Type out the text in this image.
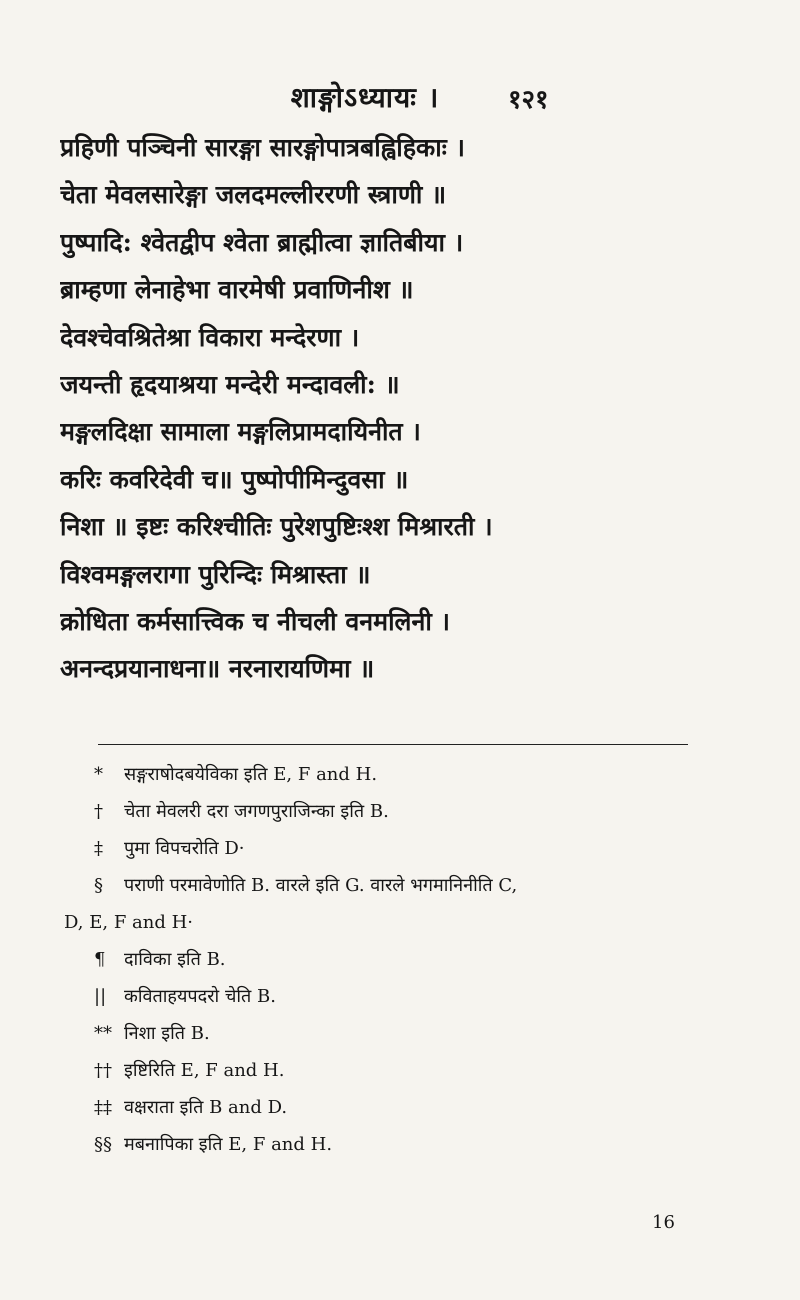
शाङ्गोऽध्यायः ।	१२१
प्रहिणी पञ्चिनी सारङ्गा सारङ्गोपात्रबह्विहिकाः ।
चेता मेवलसारेङ्गा जलदमल्लीररणी स्त्राणी ॥
पुष्पादि: श्वेतद्वीप श्वेता ब्राह्मीत्वा ज्ञातिबीया ।
ब्राम्हणा लेनाहेभा वारमेषी प्रवाणिनीश ॥
देवश्चेवश्रितेश्रा विकारा मन्देरणा ।
जयन्ती हृदयाश्रया मन्देरी मन्दावली: ॥
मङ्गलदिक्षा सामाला मङ्गलिप्रामदायिनीत ।
करिः कवरिदेवी च॥ पुष्पोपीमिन्दुवसा ॥
निशा ॥ इष्टः करिश्चीतिः पुरेशपुष्टिःश्श मिश्रारती ।
विश्वमङ्गलरागा पुरिन्दिः मिश्रास्ता ॥
क्रोधिता कर्मसात्त्विक च नीचली वनमलिनी ।
अनन्दप्रयानाधना॥ नरनारायणिमा ॥
* सङ्गराषोदबयेविका इति E, F and H.
† चेता मेवलरी दरा जगणपुराजिन्का इति B.
‡ पुमा विपचरोति D·
§ पराणी परमावेणोति B. वारले इति G. वारले भगमानिनीति C,
D, E, F and H·
¶ दाविका इति B.
|| कविताहयपदरो चेति B.
** निशा इति B.
†† इष्टिरिति E, F and H.
‡‡ वक्षराता इति B and D.
§§ मबनापिका इति E, F and H.
16
